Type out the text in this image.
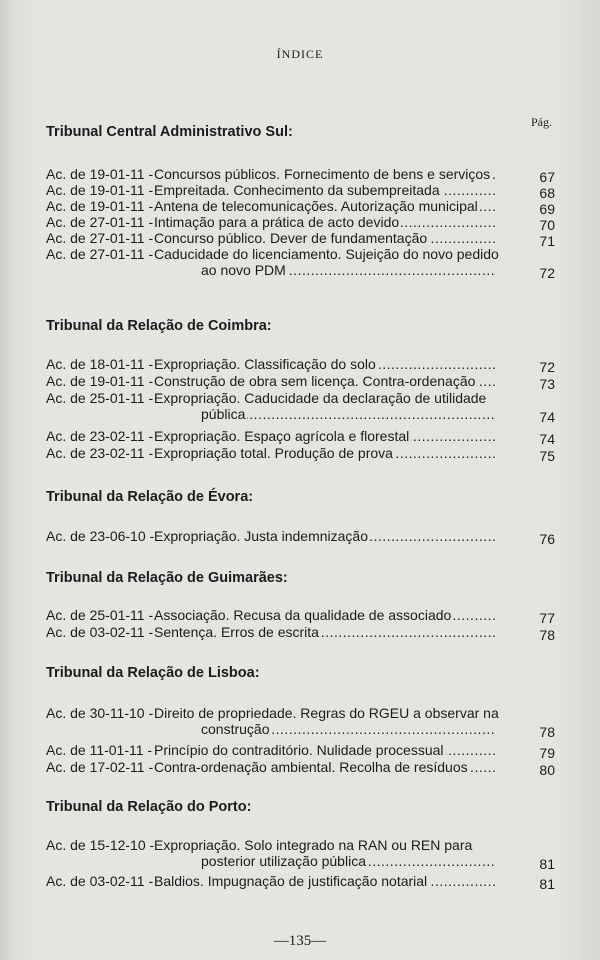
ÍNDICE
Pág.
Tribunal Central Administrativo Sul:
Ac. de 19-01-11 - Concursos públicos. Fornecimento de bens e serviços .....	67
Ac. de 19-01-11 - Empreitada. Conhecimento da subempreitada .....	68
Ac. de 19-01-11 - Antena de telecomunicações. Autorização municipal .....	69
Ac. de 27-01-11 - Intimação para a prática de acto devido .....	70
Ac. de 27-01-11 - Concurso público. Dever de fundamentação .....	71
Ac. de 27-01-11 - Caducidade do licenciamento. Sujeição do novo pedido
ao novo PDM .....	72
Tribunal da Relação de Coimbra:
Ac. de 18-01-11 - Expropriação. Classificação do solo .....	72
Ac. de 19-01-11 - Construção de obra sem licença. Contra-ordenação .....	73
Ac. de 25-01-11 - Expropriação. Caducidade da declaração de utilidade
pública .....	74
Ac. de 23-02-11 - Expropriação. Espaço agrícola e florestal .....	74
Ac. de 23-02-11 - Expropriação total. Produção de prova .....	75
Tribunal da Relação de Évora:
Ac. de 23-06-10 - Expropriação. Justa indemnização .....	76
Tribunal da Relação de Guimarães:
Ac. de 25-01-11 - Associação. Recusa da qualidade de associado .....	77
Ac. de 03-02-11 - Sentença. Erros de escrita .....	78
Tribunal da Relação de Lisboa:
Ac. de 30-11-10 - Direito de propriedade. Regras do RGEU a observar na
construção .....	78
Ac. de 11-01-11 - Princípio do contraditório. Nulidade processual .....	79
Ac. de 17-02-11 - Contra-ordenação ambiental. Recolha de resíduos .....	80
Tribunal da Relação do Porto:
Ac. de 15-12-10 - Expropriação. Solo integrado na RAN ou REN para
posterior utilização pública .....	81
Ac. de 03-02-11 - Baldios. Impugnação de justificação notarial .....	81
—135—
